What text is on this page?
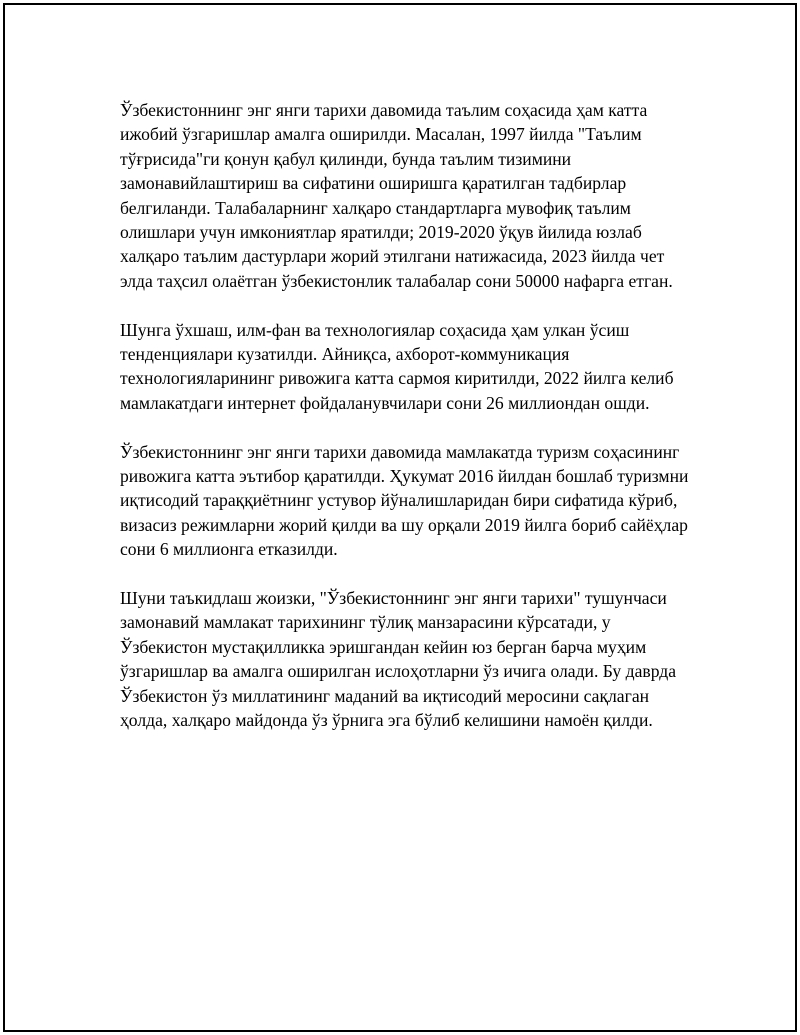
Ўзбекистоннинг энг янги тарихи давомида таълим соҳасида ҳам катта ижобий ўзгаришлар амалга оширилди. Масалан, 1997 йилда "Таълим тўғрисида"ги қонун қабул қилинди, бунда таълим тизимини замонавийлаштириш ва сифатини оширишга қаратилган тадбирлар белгиланди. Талабаларнинг халқаро стандартларга мувофиқ таълим олишлари учун имкониятлар яратилди; 2019-2020 ўқув йилида юзлаб халқаро таълим дастурлари жорий этилгани натижасида, 2023 йилда чет элда таҳсил олаётган ўзбекистонлик талабалар сони 50000 нафарга етган.

Шунга ўхшаш, илм-фан ва технологиялар соҳасида ҳам улкан ўсиш тенденциялари кузатилди. Айниқса, ахборот-коммуникация технологияларининг ривожига катта сармоя киритилди, 2022 йилга келиб мамлакатдаги интернет фойдаланувчилари сони 26 миллиондан ошди.

Ўзбекистоннинг энг янги тарихи давомида мамлакатда туризм соҳасининг ривожига катта эътибор қаратилди. Ҳукумат 2016 йилдан бошлаб туризмни иқтисодий тараққиётнинг устувор йўналишларидан бири сифатида кўриб, визасиз режимларни жорий қилди ва шу орқали 2019 йилга бориб сайёҳлар сони 6 миллионга етказилди.

Шуни таъкидлаш жоизки, "Ўзбекистоннинг энг янги тарихи" тушунчаси замонавий мамлакат тарихининг тўлиқ манзарасини кўрсатади, у Ўзбекистон мустақилликка эришгандан кейин юз берган барча муҳим ўзгаришлар ва амалга оширилган ислоҳотларни ўз ичига олади. Бу даврда Ўзбекистон ўз миллатининг маданий ва иқтисодий меросини сақлаган ҳолда, халқаро майдонда ўз ўрнига эга бўлиб келишини намоён қилди.
